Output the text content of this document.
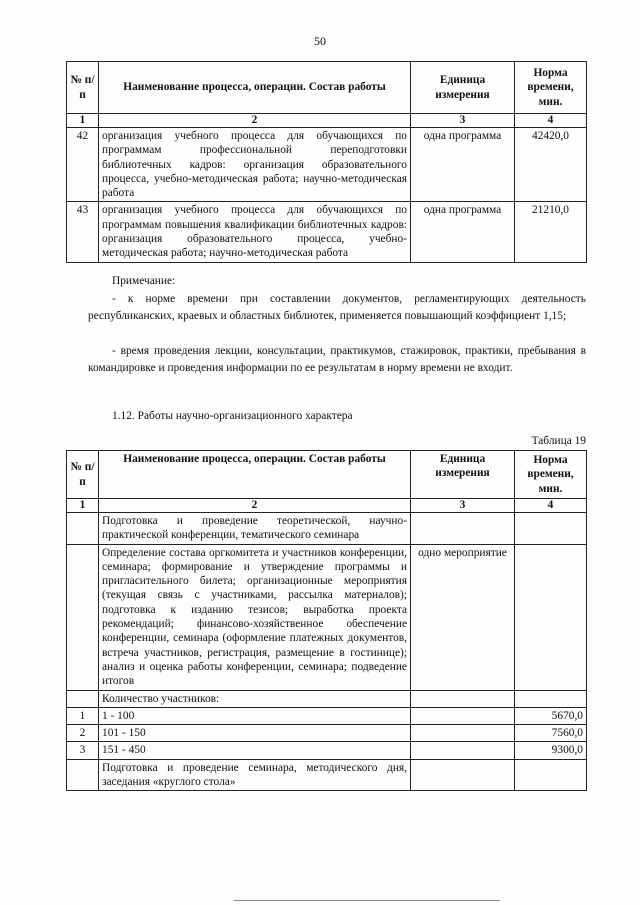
50
№ п/п	Наименование процесса, операции. Состав работы	Единица измерения	Норма времени, мин.
1	2	3	4
42	организация учебного процесса для обучающихся по программам профессиональной переподготовки библиотечных кадров: организация образовательного процесса, учебно-методическая работа; научно-методическая работа	одна программа	42420,0
43	организация учебного процесса для обучающихся по программам повышения квалификации библиотечных кадров: организация образовательного процесса, учебно-методическая работа; научно-методическая работа	одна программа	21210,0
Примечание:
- к норме времени при составлении документов, регламентирующих деятельность республиканских, краевых и областных библиотек, применяется повышающий коэффициент 1,15;
- время проведения лекции, консультации, практикумов, стажировок, практики, пребывания в командировке и проведения информации по ее результатам в норму времени не входит.
1.12. Работы научно-организационного характера
Таблица 19
№ п/п	Наименование процесса, операции. Состав работы	Единица измерения	Норма времени, мин.
1	2	3	4
	Подготовка и проведение теоретической, научно-практической конференции, тематического семинара		
	Определение состава оргкомитета и участников конференции, семинара; формирование и утверждение программы и пригласительного билета; организационные мероприятия (текущая связь с участниками, рассылка материалов); подготовка к изданию тезисов; выработка проекта рекомендаций; финансово-хозяйственное обеспечение конференции, семинара (оформление платежных документов, встреча участников, регистрация, размещение в гостинице); анализ и оценка работы конференции, семинара; подведение итогов	одно мероприятие	
	Количество участников:		
1	1 - 100		5670,0
2	101 - 150		7560,0
3	151 - 450		9300,0
	Подготовка и проведение семинара, методического дня, заседания «круглого стола»		
